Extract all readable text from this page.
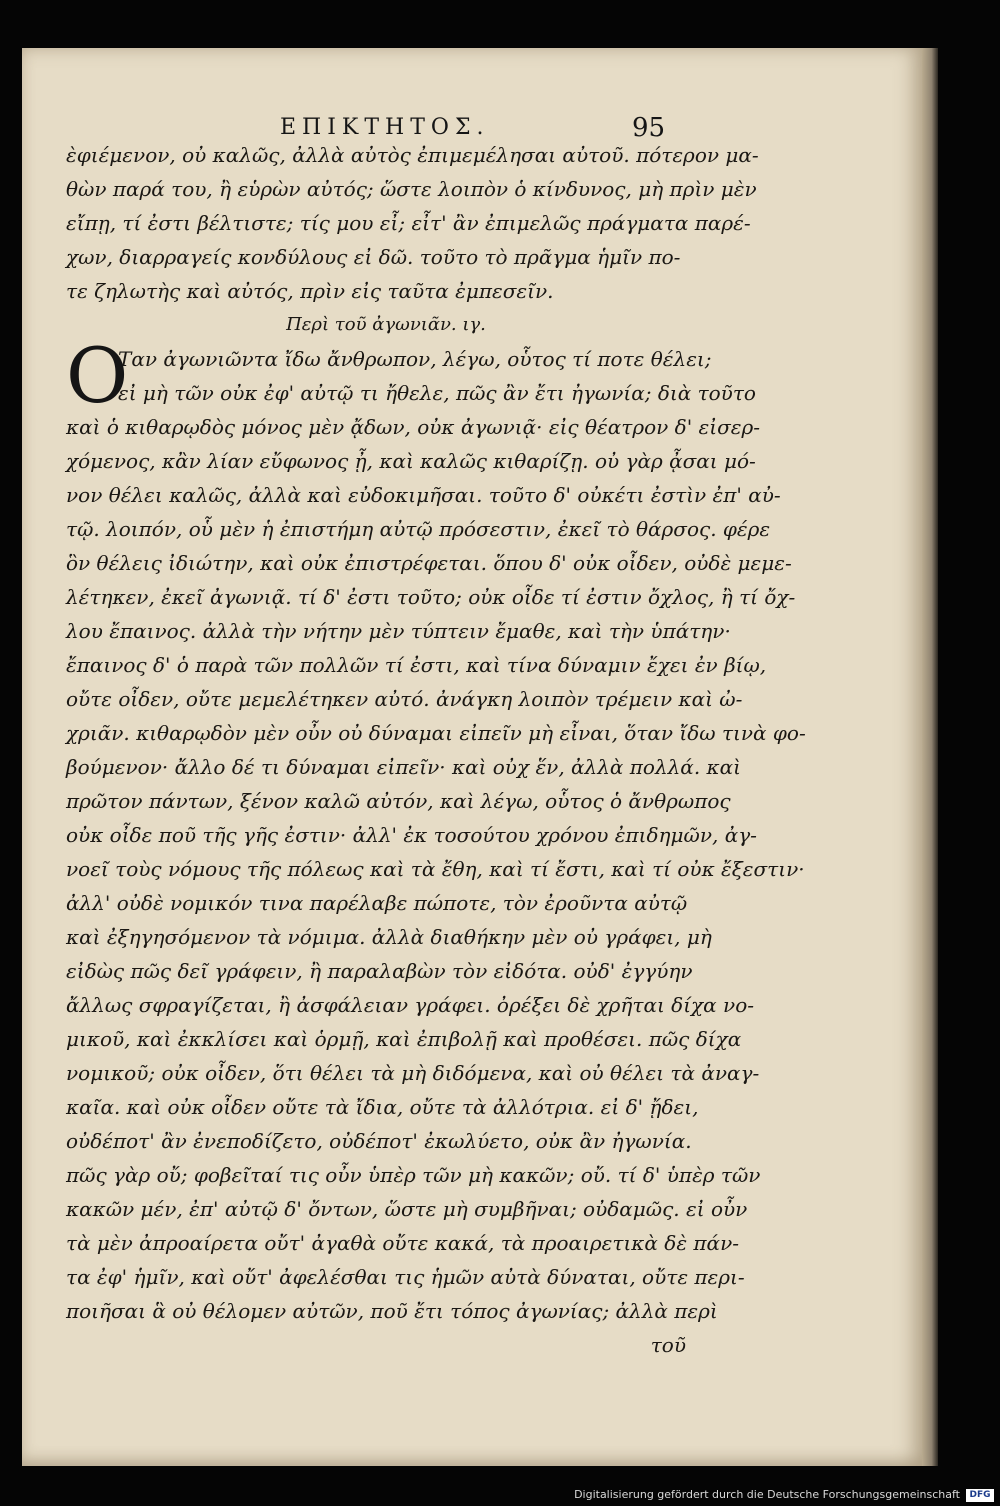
ΕΠΙΚΤΗΤΟΣ.	95
ὲφιέμενον, οὐ καλῶς, ἀλλὰ αὐτὸς ἐπιμεμέλησαι αὐτοῦ. πότερον μα-
θὼν παρά του, ἢ εὑρὼν αὐτός; ὥστε λοιπὸν ὁ κίνδυνος, μὴ πρὶν μὲν
εἴπῃ, τί ἐστι βέλτιστε; τίς μου εἶ; εἶτ' ἂν ἐπιμελῶς πράγματα παρέ-
χων, διαρραγείς κονδύλους εἰ δῶ. τοῦτο τὸ πρᾶγμα ἡμῖν πο-
τε ζηλωτὴς καὶ αὐτός, πρὶν εἰς ταῦτα ἐμπεσεῖν.
Περὶ τοῦ ἀγωνιᾶν. ιγ.
Ο
Ταν ἀγωνιῶντα ἴδω ἄνθρωπον, λέγω, οὗτος τί ποτε θέλει;
εἰ μὴ τῶν οὐκ ἐφ' αὐτῷ τι ἤθελε, πῶς ἂν ἔτι ἠγωνία; διὰ τοῦτο
καὶ ὁ κιθαρῳδὸς μόνος μὲν ᾄδων, οὐκ ἀγωνιᾷ· εἰς θέατρον δ' εἰσερ-
χόμενος, κἂν λίαν εὔφωνος ᾖ, καὶ καλῶς κιθαρίζῃ. οὐ γὰρ ᾆσαι μό-
νον θέλει καλῶς, ἀλλὰ καὶ εὐδοκιμῆσαι. τοῦτο δ' οὐκέτι ἐστὶν ἐπ' αὐ-
τῷ. λοιπόν, οὗ μὲν ἡ ἐπιστήμη αὐτῷ πρόσεστιν, ἐκεῖ τὸ θάρσος. φέρε
ὃν θέλεις ἰδιώτην, καὶ οὐκ ἐπιστρέφεται. ὅπου δ' οὐκ οἶδεν, οὐδὲ μεμε-
λέτηκεν, ἐκεῖ ἀγωνιᾷ. τί δ' ἐστι τοῦτο; οὐκ οἶδε τί ἐστιν ὄχλος, ἢ τί ὄχ-
λου ἔπαινος. ἀλλὰ τὴν νήτην μὲν τύπτειν ἔμαθε, καὶ τὴν ὑπάτην·
ἔπαινος δ' ὁ παρὰ τῶν πολλῶν τί ἐστι, καὶ τίνα δύναμιν ἔχει ἐν βίῳ,
οὔτε οἶδεν, οὔτε μεμελέτηκεν αὐτό. ἀνάγκη λοιπὸν τρέμειν καὶ ὠ-
χριᾶν. κιθαρῳδὸν μὲν οὖν οὐ δύναμαι εἰπεῖν μὴ εἶναι, ὅταν ἴδω τινὰ φο-
βούμενον· ἄλλο δέ τι δύναμαι εἰπεῖν· καὶ οὐχ ἕν, ἀλλὰ πολλά. καὶ
πρῶτον πάντων, ξένον καλῶ αὐτόν, καὶ λέγω, οὗτος ὁ ἄνθρωπος
οὐκ οἶδε ποῦ τῆς γῆς ἐστιν· ἀλλ' ἐκ τοσούτου χρόνου ἐπιδημῶν, ἀγ-
νοεῖ τοὺς νόμους τῆς πόλεως καὶ τὰ ἔθη, καὶ τί ἔστι, καὶ τί οὐκ ἔξεστιν·
ἀλλ' οὐδὲ νομικόν τινα παρέλαβε πώποτε, τὸν ἐροῦντα αὐτῷ
καὶ ἐξηγησόμενον τὰ νόμιμα. ἀλλὰ διαθήκην μὲν οὐ γράφει, μὴ
εἰδὼς πῶς δεῖ γράφειν, ἢ παραλαβὼν τὸν εἰδότα. οὐδ' ἐγγύην
ἄλλως σφραγίζεται, ἢ ἀσφάλειαν γράφει. ὀρέξει δὲ χρῆται δίχα νο-
μικοῦ, καὶ ἐκκλίσει καὶ ὁρμῇ, καὶ ἐπιβολῇ καὶ προθέσει. πῶς δίχα
νομικοῦ; οὐκ οἶδεν, ὅτι θέλει τὰ μὴ διδόμενα, καὶ οὐ θέλει τὰ ἀναγ-
καῖα. καὶ οὐκ οἶδεν οὔτε τὰ ἴδια, οὔτε τὰ ἀλλότρια. εἰ δ' ᾔδει,
οὐδέποτ' ἂν ἐνεποδίζετο, οὐδέποτ' ἐκωλύετο, οὐκ ἂν ἠγωνία.
πῶς γὰρ οὔ; φοβεῖταί τις οὖν ὑπὲρ τῶν μὴ κακῶν; οὔ. τί δ' ὑπὲρ τῶν
κακῶν μέν, ἐπ' αὐτῷ δ' ὄντων, ὥστε μὴ συμβῆναι; οὐδαμῶς. εἰ οὖν
τὰ μὲν ἀπροαίρετα οὔτ' ἀγαθὰ οὔτε κακά, τὰ προαιρετικὰ δὲ πάν-
τα ἐφ' ἡμῖν, καὶ οὔτ' ἀφελέσθαι τις ἡμῶν αὐτὰ δύναται, οὔτε περι-
ποιῆσαι ἃ οὐ θέλομεν αὐτῶν, ποῦ ἔτι τόπος ἀγωνίας; ἀλλὰ περὶ
τοῦ
Digitalisierung gefördert durch die Deutsche Forschungsgemeinschaft	DFG
